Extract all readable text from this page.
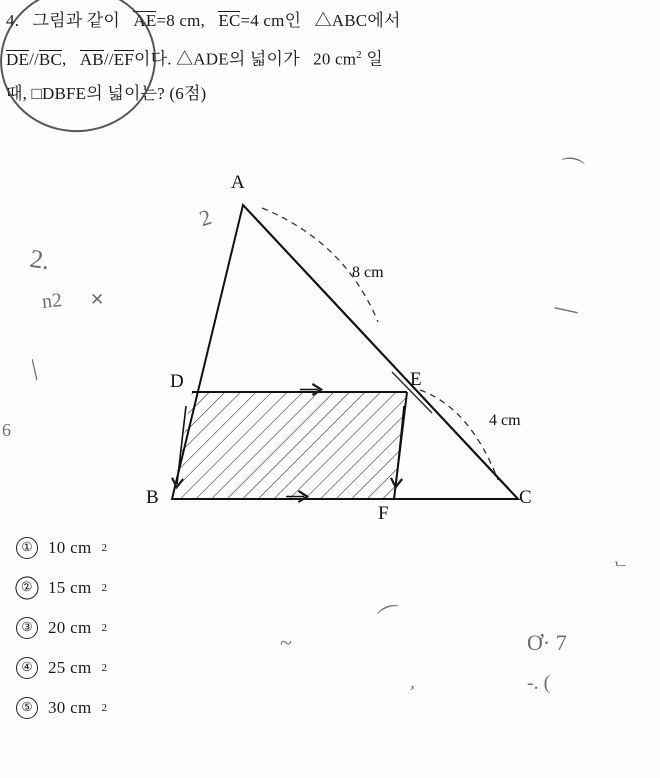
4. 그림과 같이 AE=8 cm, EC=4 cm인 △ABC에서
DE//BC, AB//EF이다. △ADE의 넓이가 20 $cm^2$ 일
때, □DBFE의 넓이는? (6점)
A
B	C
D	E
F
8 cm
4 cm
① 10 cm 2
② 15 cm 2
③ 20 cm 2
④ 25 cm 2
⑤ 30 cm 2
2
2.
n2 ✕
╱
ᄂ
Ơ· 7
-. (
~
⌒
,
⌒
6
╱
